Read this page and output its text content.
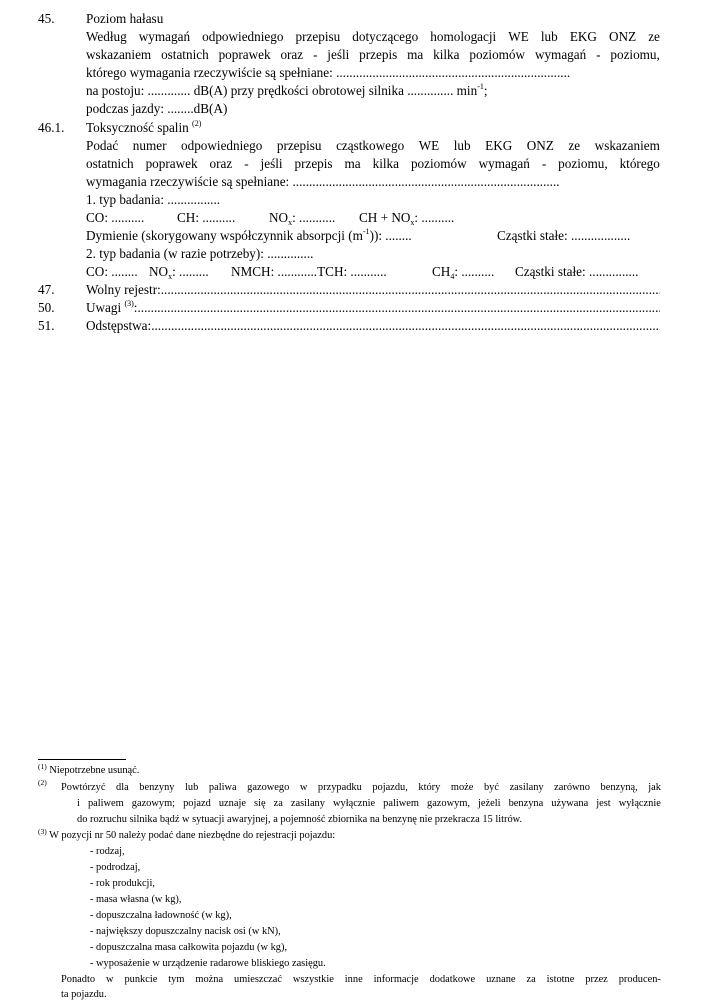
45. Poziom hałasu
Według wymagań odpowiedniego przepisu dotyczącego homologacji WE lub EKG ONZ ze
wskazaniem ostatnich poprawek oraz - jeśli przepis ma kilka poziomów wymagań - poziomu,
którego wymagania rzeczywiście są spełniane: .......................................................................
na postoju: ............. dB(A) przy prędkości obrotowej silnika .............. $\min^{-1}$;
podczas jazdy: ........dB(A)
46.1. Toksyczność spalin $^{(2)}$
Podać numer odpowiedniego przepisu cząstkowego WE lub EKG ONZ ze wskazaniem
ostatnich poprawek oraz - jeśli przepis ma kilka poziomów wymagań - poziomu, którego
wymagania rzeczywiście są spełniane: .................................................................................
1. typ badania: ................
CO: .......... CH: ..........	$NO_x$: ........... CH + $NO_x$: ..........
Dymienie (skorygowany współczynnik absorpcji $(m^{-1})$): ........	Cząstki stałe: ..................
2. typ badania (w razie potrzeby): ..............
CO: ........ $NO_x$: ......... NMCH: ............TCH: ...........	$CH_4$: .......... Cząstki stałe: ...............
47. Wolny rejestr:
.....
50. Uwagi $^{(3)}$:
.....
51. Odstępstwa:
.....
$^{(1)}$ Niepotrzebne usunąć.
$^{(2)}$ Powtórzyć dla benzyny lub paliwa gazowego w przypadku pojazdu, który może być zasilany zarówno benzyną, jak
i paliwem gazowym; pojazd uznaje się za zasilany wyłącznie paliwem gazowym, jeżeli benzyna używana jest wyłącznie
do rozruchu silnika bądź w sytuacji awaryjnej, a pojemność zbiornika na benzynę nie przekracza 15 litrów.
$^{(3)}$ W pozycji nr 50 należy podać dane niezbędne do rejestracji pojazdu:
- rodzaj,
- podrodzaj,
- rok produkcji,
- masa własna (w kg),
- dopuszczalna ładowność (w kg),
- największy dopuszczalny nacisk osi (w kN),
- dopuszczalna masa całkowita pojazdu (w kg),
- wyposażenie w urządzenie radarowe bliskiego zasięgu.
Ponadto w punkcie tym można umieszczać wszystkie inne informacje dodatkowe uznane za istotne przez producen-
ta pojazdu.
